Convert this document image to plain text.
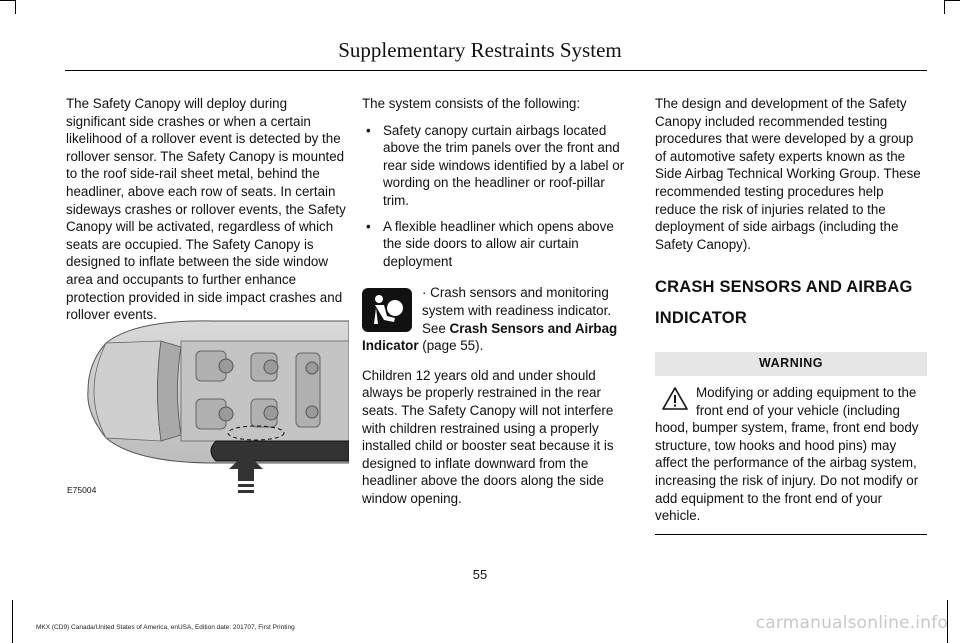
Supplementary Restraints System

The Safety Canopy will deploy during significant side crashes or when a certain likelihood of a rollover event is detected by the rollover sensor. The Safety Canopy is mounted to the roof side-rail sheet metal, behind the headliner, above each row of seats. In certain sideways crashes or rollover events, the Safety Canopy will be activated, regardless of which seats are occupied. The Safety Canopy is designed to inflate between the side window area and occupants to further enhance protection provided in side impact crashes and rollover events.

E75004

The system consists of the following:

• Safety canopy curtain airbags located above the trim panels over the front and rear side windows identified by a label or wording on the headliner or roof-pillar trim.
• A flexible headliner which opens above the side doors to allow air curtain deployment
· Crash sensors and monitoring system with readiness indicator. See Crash Sensors and Airbag Indicator (page 55).

Children 12 years old and under should always be properly restrained in the rear seats. The Safety Canopy will not interfere with children restrained using a properly installed child or booster seat because it is designed to inflate downward from the headliner above the doors along the side window opening.

The design and development of the Safety Canopy included recommended testing procedures that were developed by a group of automotive safety experts known as the Side Airbag Technical Working Group. These recommended testing procedures help reduce the risk of injuries related to the deployment of side airbags (including the Safety Canopy).

CRASH SENSORS AND AIRBAG
INDICATOR
WARNING
Modifying or adding equipment to the front end of your vehicle (including hood, bumper system, frame, front end body structure, tow hooks and hood pins) may affect the performance of the airbag system, increasing the risk of injury. Do not modify or add equipment to the front end of your vehicle.
55
MKX (CD9) Canada/United States of America, enUSA, Edition date: 201707, First Printing	carmanualsonline.info
